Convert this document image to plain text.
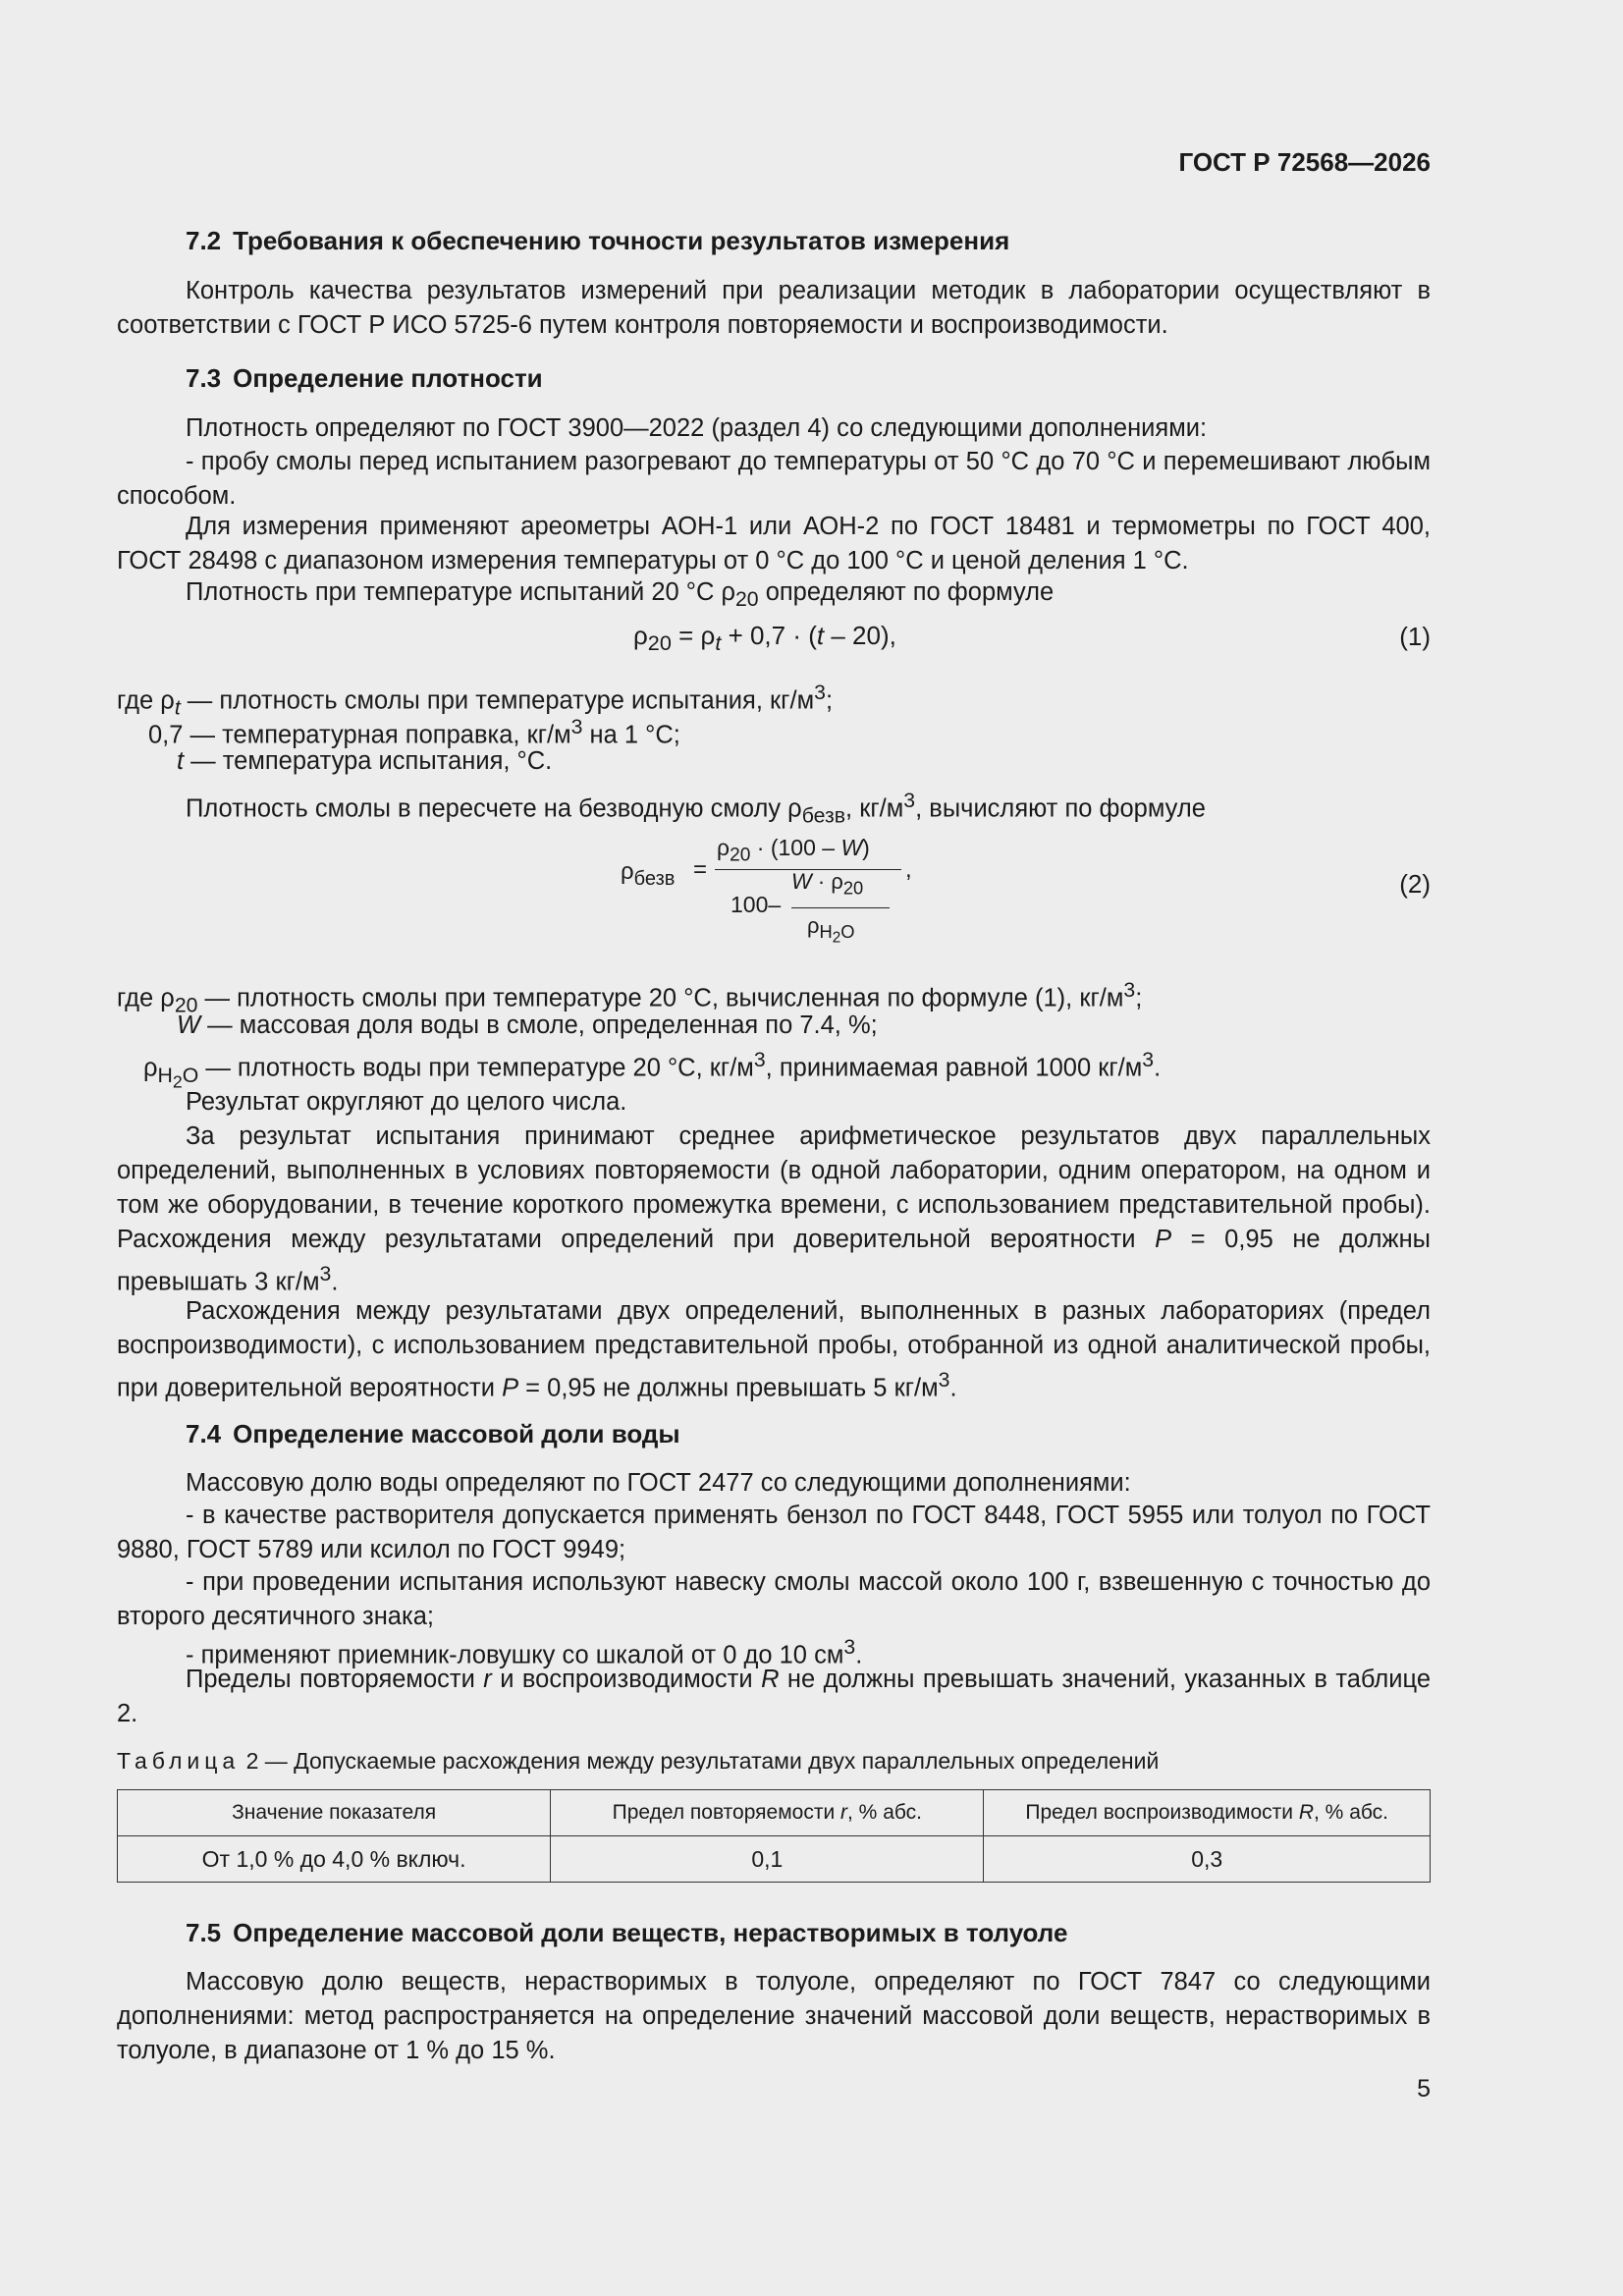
ГОСТ Р 72568—2026
7.2 Требования к обеспечению точности результатов измерения
Контроль качества результатов измерений при реализации методик в лаборатории осуществляют в соответствии с ГОСТ Р ИСО 5725-6 путем контроля повторяемости и воспроизводимости.
7.3 Определение плотности
Плотность определяют по ГОСТ 3900—2022 (раздел 4) со следующими дополнениями:
- пробу смолы перед испытанием разогревают до температуры от 50 °С до 70 °С и перемешивают любым способом.
Для измерения применяют ареометры АОН-1 или АОН-2 по ГОСТ 18481 и термометры по ГОСТ 400, ГОСТ 28498 с диапазоном измерения температуры от 0 °С до 100 °С и ценой деления 1 °С.
Плотность при температуре испытаний 20 °С $\rho_{20}$ определяют по формуле
$\rho_{20} = \rho_t + 0,7 \cdot (t - 20)$,	(1)
где $\rho_t$ — плотность смолы при температуре испытания, $кг/м^3$;
0,7 — температурная поправка, $кг/м^3$ на 1 °С;
t — температура испытания, °С.
Плотность смолы в пересчете на безводную смолу $\rho_{безв}$, $кг/м^3$, вычисляют по формуле
$\rho_{безв}$ =
$\rho_{20} \cdot (100 - W)$
100–
$W \cdot \rho_{20}$
$\rho_{H_2O}$
,	(2)
где $\rho_{20}$ — плотность смолы при температуре 20 °С, вычисленная по формуле (1), $кг/м^3$;
W — массовая доля воды в смоле, определенная по 7.4, %;
$\rho_{H_2O}$ — плотность воды при температуре 20 °С, $кг/м^3$, принимаемая равной 1000 $кг/м^3$.
Результат округляют до целого числа.
За результат испытания принимают среднее арифметическое результатов двух параллельных определений, выполненных в условиях повторяемости (в одной лаборатории, одним оператором, на одном и том же оборудовании, в течение короткого промежутка времени, с использованием представительной пробы). Расхождения между результатами определений при доверительной вероятности P = 0,95 не должны превышать 3 $кг/м^3$.
Расхождения между результатами двух определений, выполненных в разных лабораториях (предел воспроизводимости), с использованием представительной пробы, отобранной из одной аналитической пробы, при доверительной вероятности P = 0,95 не должны превышать 5 $кг/м^3$.
7.4 Определение массовой доли воды
Массовую долю воды определяют по ГОСТ 2477 со следующими дополнениями:
- в качестве растворителя допускается применять бензол по ГОСТ 8448, ГОСТ 5955 или толуол по ГОСТ 9880, ГОСТ 5789 или ксилол по ГОСТ 9949;
- при проведении испытания используют навеску смолы массой около 100 г, взвешенную с точностью до второго десятичного знака;
- применяют приемник-ловушку со шкалой от 0 до 10 $см^3$.
Пределы повторяемости r и воспроизводимости R не должны превышать значений, указанных в таблице 2.
Таблица 2 — Допускаемые расхождения между результатами двух параллельных определений
Значение показателя	Предел повторяемости r, % абс.	Предел воспроизводимости R, % абс.
От 1,0 % до 4,0 % включ.	0,1	0,3
7.5 Определение массовой доли веществ, нерастворимых в толуоле
Массовую долю веществ, нерастворимых в толуоле, определяют по ГОСТ 7847 со следующими дополнениями: метод распространяется на определение значений массовой доли веществ, нерастворимых в толуоле, в диапазоне от 1 % до 15 %.
5
